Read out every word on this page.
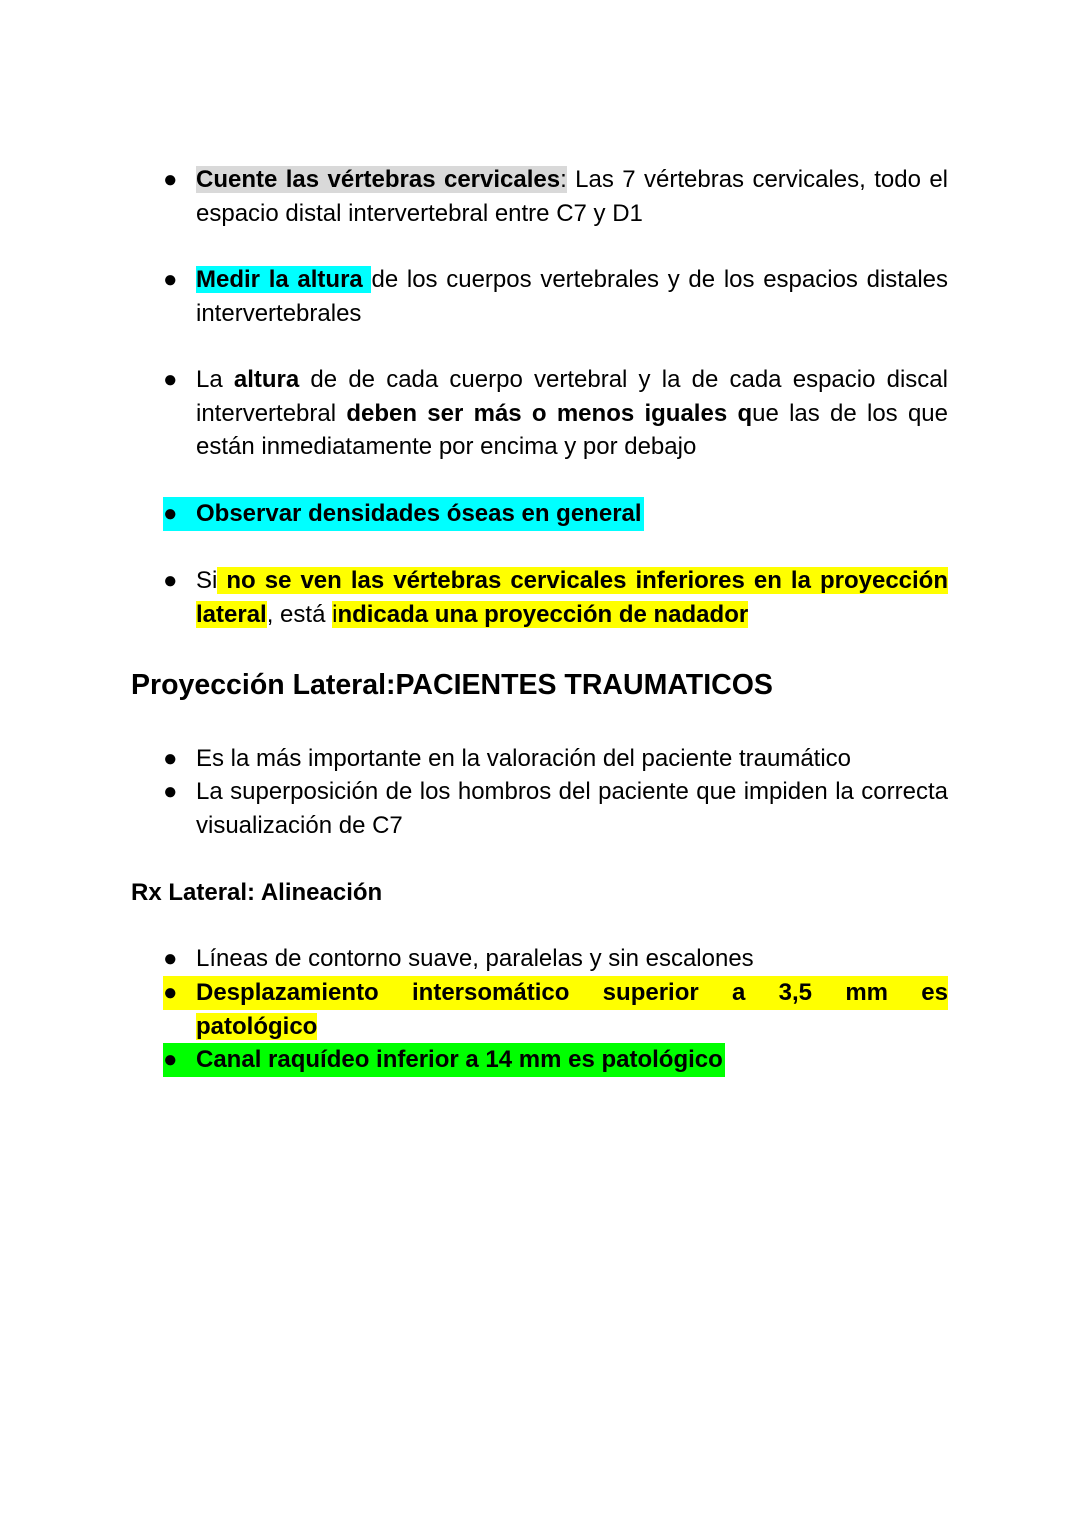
● Cuente las vértebras cervicales: Las 7 vértebras cervicales, todo el espacio distal intervertebral entre C7 y D1
● Medir la altura de los cuerpos vertebrales y de los espacios distales intervertebrales
● La altura de de cada cuerpo vertebral y la de cada espacio discal intervertebral deben ser más o menos iguales que las de los que están inmediatamente por encima y por debajo
● Observar densidades óseas en general
● Si no se ven las vértebras cervicales inferiores en la proyección lateral, está indicada una proyección de nadador
Proyección Lateral:PACIENTES TRAUMATICOS
● Es la más importante en la valoración del paciente traumático
● La superposición de los hombros del paciente que impiden la correcta visualización de C7
Rx Lateral: Alineación
● Líneas de contorno suave, paralelas y sin escalones
● Desplazamiento intersomático superior a 3,5 mm es
patológico
● Canal raquídeo inferior a 14 mm es patológico
